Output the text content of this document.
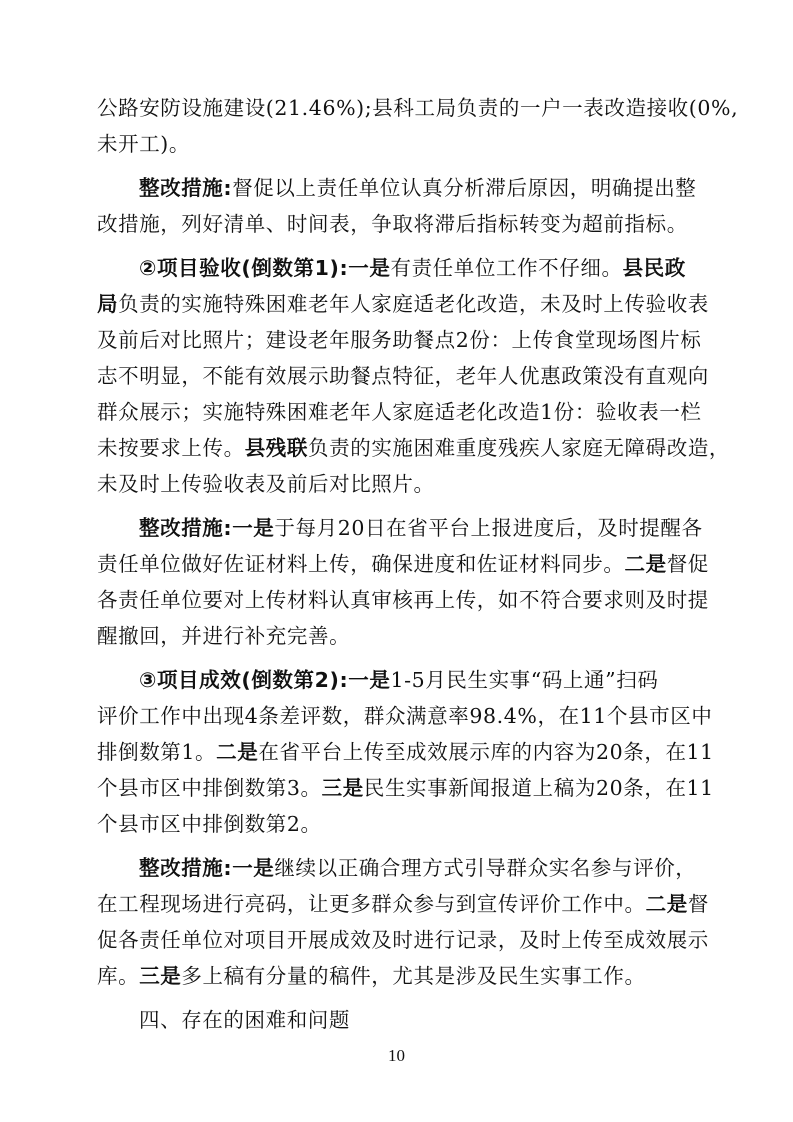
公路安防设施建设(21.46%);县科工局负责的一户一表改造接收(0%,
未开工)。
整改措施:督促以上责任单位认真分析滞后原因，明确提出整
改措施，列好清单、时间表，争取将滞后指标转变为超前指标。
②项目验收(倒数第1):一是有责任单位工作不仔细。县民政
局负责的实施特殊困难老年人家庭适老化改造，未及时上传验收表
及前后对比照片；建设老年服务助餐点2份：上传食堂现场图片标
志不明显，不能有效展示助餐点特征，老年人优惠政策没有直观向
群众展示；实施特殊困难老年人家庭适老化改造1份：验收表一栏
未按要求上传。县残联负责的实施困难重度残疾人家庭无障碍改造，
未及时上传验收表及前后对比照片。
整改措施:一是于每月20日在省平台上报进度后，及时提醒各
责任单位做好佐证材料上传，确保进度和佐证材料同步。二是督促
各责任单位要对上传材料认真审核再上传，如不符合要求则及时提
醒撤回，并进行补充完善。
③项目成效(倒数第2):一是1-5月民生实事“码上通”扫码
评价工作中出现4条差评数，群众满意率98.4%，在11个县市区中
排倒数第1。二是在省平台上传至成效展示库的内容为20条，在11
个县市区中排倒数第3。三是民生实事新闻报道上稿为20条，在11
个县市区中排倒数第2。
整改措施:一是继续以正确合理方式引导群众实名参与评价，
在工程现场进行亮码，让更多群众参与到宣传评价工作中。二是督
促各责任单位对项目开展成效及时进行记录，及时上传至成效展示
库。三是多上稿有分量的稿件，尤其是涉及民生实事工作。
四、存在的困难和问题
10
